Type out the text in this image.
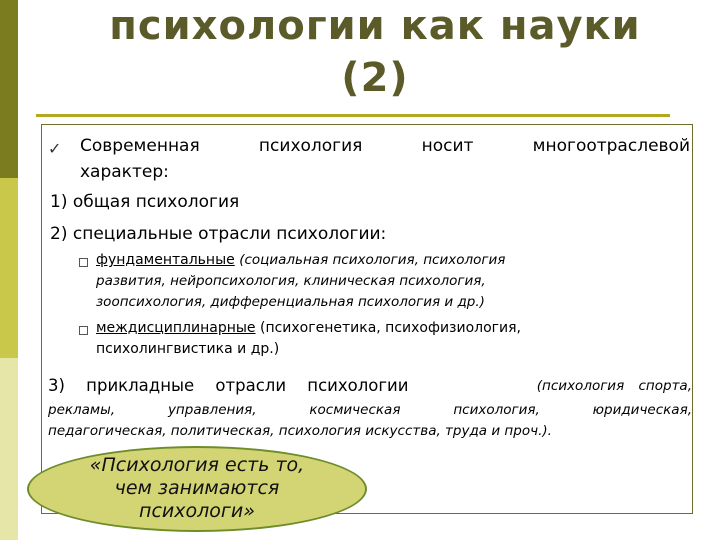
психологии как науки
(2)
✓ Современная психология носит многоотраслевой
характер:
1) общая психология
2) специальные отрасли психологии:
фундаментальные (социальная психология, психология
развития, нейропсихология, клиническая психология,
зоопсихология, дифференциальная психология и др.)
междисциплинарные (психогенетика, психофизиология,
психолингвистика и др.)
3) прикладные отрасли психологии	(психология спорта,
рекламы, управления, космическая психология, юридическая,
педагогическая, политическая, психология искусства, труда и проч.).
«Психология есть то,
чем занимаются
психологи»
